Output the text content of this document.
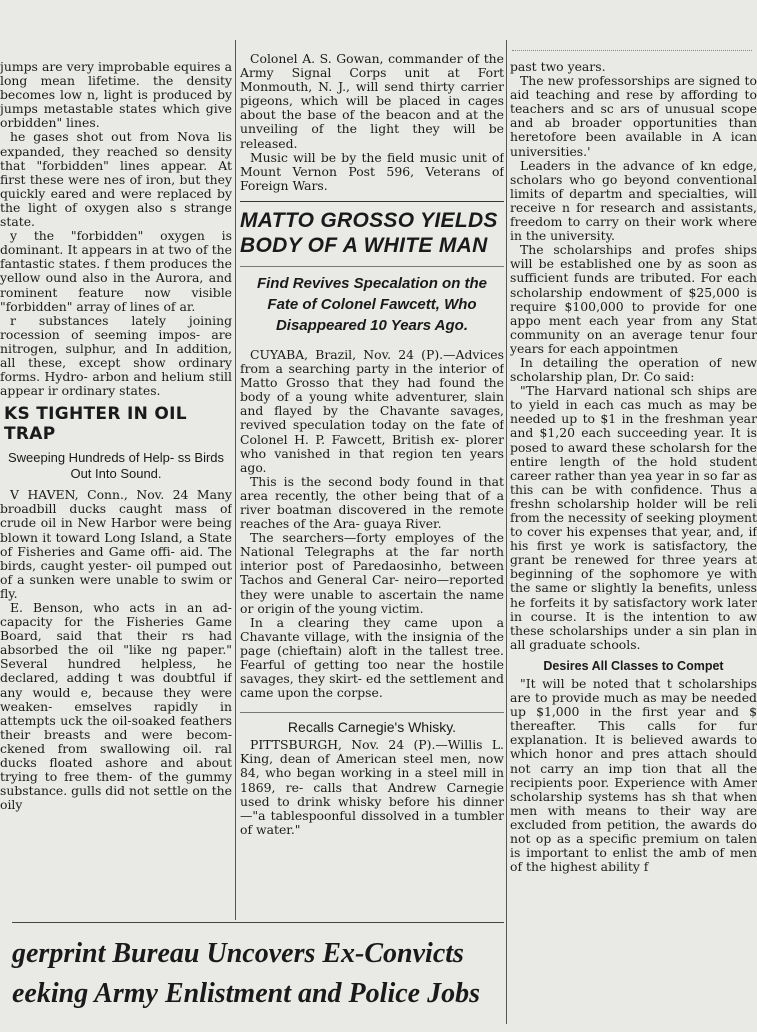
jumps are very improbable equires a long mean lifetime. the density becomes low n, light is produced by jumps metastable states which give orbidden" lines.

he gases shot out from Nova lis expanded, they reached so density that "forbidden" lines appear. At first these were nes of iron, but they quickly eared and were replaced by the light of oxygen also s strange state.

y the "forbidden" oxygen is dominant. It appears in at two of the fantastic states. f them produces the yellow ound also in the Aurora, and rominent feature now visible "forbidden" array of lines of ar.

r substances lately joining rocession of seeming impos- are nitrogen, sulphur, and In addition, all these, except show ordinary forms. Hydro- arbon and helium still appear ir ordinary states.

KS TIGHTER IN OIL TRAP
Sweeping Hundreds of Help- ss Birds Out Into Sound.

V HAVEN, Conn., Nov. 24 Many broadbill ducks caught mass of crude oil in New Harbor were being blown it toward Long Island, a State of Fisheries and Game offi- aid. The birds, caught yester- oil pumped out of a sunken were unable to swim or fly.

E. Benson, who acts in an ad- capacity for the Fisheries Game Board, said that their rs had absorbed the oil "like ng paper." Several hundred helpless, he declared, adding t was doubtful if any would e, because they were weaken- emselves rapidly in attempts uck the oil-soaked feathers their breasts and were becom- ckened from swallowing oil. ral ducks floated ashore and about trying to free them- of the gummy substance. gulls did not settle on the oily

Colonel A. S. Gowan, commander of the Army Signal Corps unit at Fort Monmouth, N. J., will send thirty carrier pigeons, which will be placed in cages about the base of the beacon and at the unveiling of the light they will be released.

Music will be by the field music unit of Mount Vernon Post 596, Veterans of Foreign Wars.

MATTO GROSSO YIELDS BODY OF A WHITE MAN
Find Revives Specalation on the Fate of Colonel Fawcett, Who Disappeared 10 Years Ago.

CUYABA, Brazil, Nov. 24 (P).—Advices from a searching party in the interior of Matto Grosso that they had found the body of a young white adventurer, slain and flayed by the Chavante savages, revived speculation today on the fate of Colonel H. P. Fawcett, British ex- plorer who vanished in that region ten years ago.

This is the second body found in that area recently, the other being that of a river boatman discovered in the remote reaches of the Ara- guaya River.

The searchers—forty employes of the National Telegraphs at the far north interior post of Paredaosinho, between Tachos and General Car- neiro—reported they were unable to ascertain the name or origin of the young victim.

In a clearing they came upon a Chavante village, with the insignia of the page (chieftain) aloft in the tallest tree. Fearful of getting too near the hostile savages, they skirt- ed the settlement and came upon the corpse.

Recalls Carnegie's Whisky.

PITTSBURGH, Nov. 24 (P).—Willis L. King, dean of American steel men, now 84, who began working in a steel mill in 1869, re- calls that Andrew Carnegie used to drink whisky before his dinner—"a tablespoonful dissolved in a tumbler of water."

past two years.

The new professorships are signed to aid teaching and rese by affording to teachers and sc ars of unusual scope and ab broader opportunities than heretofore been available in A ican universities.'

Leaders in the advance of kn edge, scholars who go beyond conventional limits of departm and specialties, will receive n for research and assistants, freedom to carry on their work where in the university.

The scholarships and profes ships will be established one by as soon as sufficient funds are tributed. For each scholarship endowment of $25,000 is require $100,000 to provide for one appo ment each year from any Stat community on an average tenur four years for each appointmen

In detailing the operation of new scholarship plan, Dr. Co said:

"The Harvard national sch ships are to yield in each cas much as may be needed up to $1 in the freshman year and $1,20 each succeeding year. It is posed to award these scholarsh for the entire length of the hold student career rather than yea year in so far as this can be with confidence. Thus a freshn scholarship holder will be reli from the necessity of seeking ployment to cover his expenses that year, and, if his first ye work is satisfactory, the grant be renewed for three years at beginning of the sophomore ye with the same or slightly la benefits, unless he forfeits it by satisfactory work later in course. It is the intention to aw these scholarships under a sin plan in all graduate schools.

Desires All Classes to Compet

"It will be noted that t scholarships are to provide much as may be needed up $1,000 in the first year and $ thereafter. This calls for fur explanation. It is believed awards to which honor and pres attach should not carry an imp tion that all the recipients poor. Experience with Amer scholarship systems has sh that when men with means to their way are excluded from petition, the awards do not op as a specific premium on talen is important to enlist the amb of men of the highest ability f

gerprint Bureau Uncovers Ex-Convicts
eeking Army Enlistment and Police Jobs
